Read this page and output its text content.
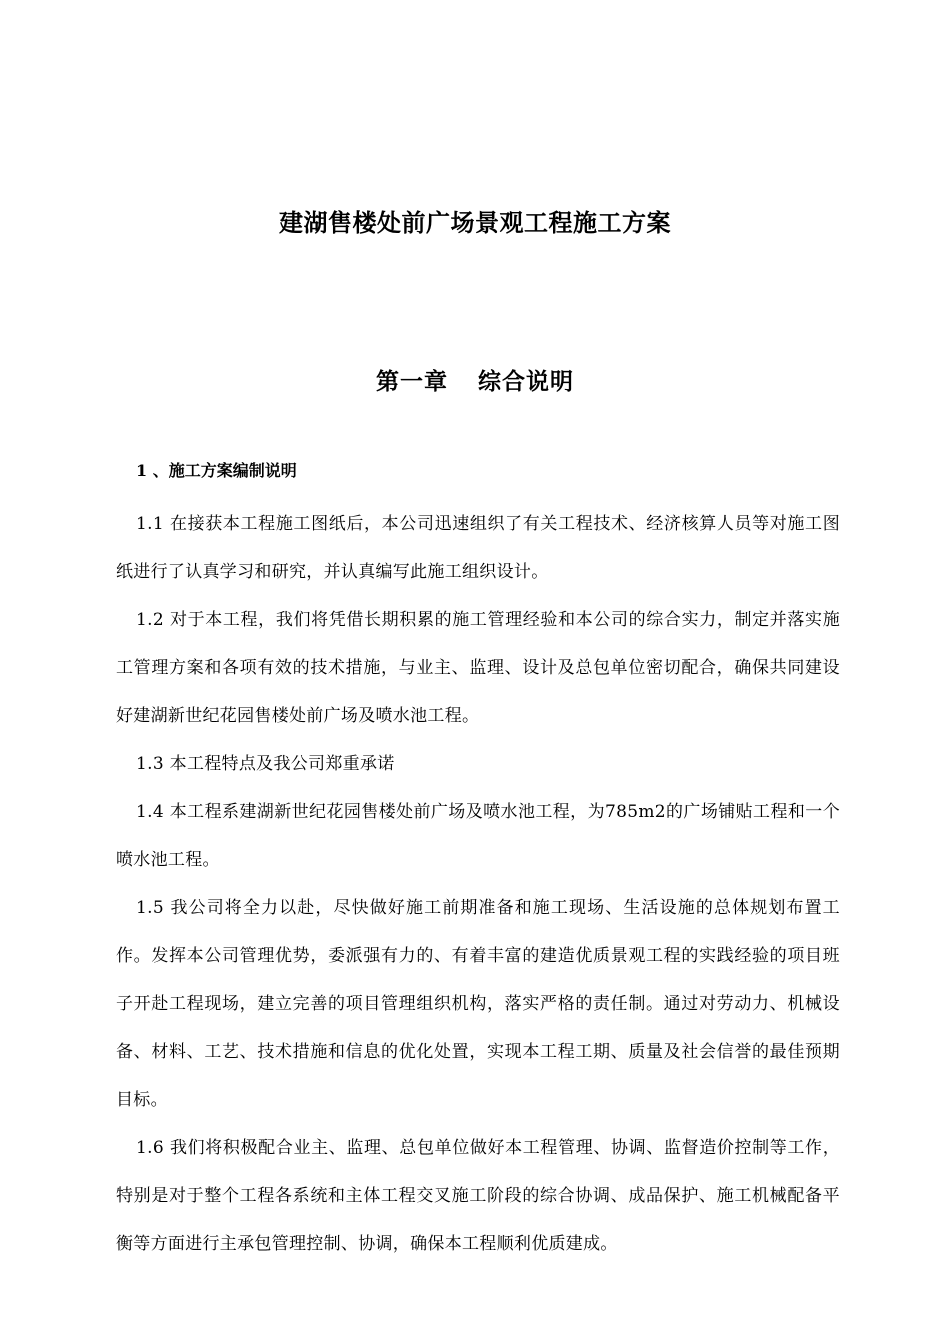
建湖售楼处前广场景观工程施工方案
第一章 综合说明
1 、施工方案编制说明

1.1 在接获本工程施工图纸后，本公司迅速组织了有关工程技术、经济核算人员等对施工图纸进行了认真学习和研究，并认真编写此施工组织设计。

1.2 对于本工程，我们将凭借长期积累的施工管理经验和本公司的综合实力，制定并落实施工管理方案和各项有效的技术措施，与业主、监理、设计及总包单位密切配合，确保共同建设好建湖新世纪花园售楼处前广场及喷水池工程。

1.3 本工程特点及我公司郑重承诺

1.4 本工程系建湖新世纪花园售楼处前广场及喷水池工程，为785m2的广场铺贴工程和一个喷水池工程。

1.5 我公司将全力以赴，尽快做好施工前期准备和施工现场、生活设施的总体规划布置工作。发挥本公司管理优势，委派强有力的、有着丰富的建造优质景观工程的实践经验的项目班子开赴工程现场，建立完善的项目管理组织机构，落实严格的责任制。通过对劳动力、机械设备、材料、工艺、技术措施和信息的优化处置，实现本工程工期、质量及社会信誉的最佳预期目标。

1.6 我们将积极配合业主、监理、总包单位做好本工程管理、协调、监督造价控制等工作，特别是对于整个工程各系统和主体工程交叉施工阶段的综合协调、成品保护、施工机械配备平衡等方面进行主承包管理控制、协调，确保本工程顺利优质建成。
